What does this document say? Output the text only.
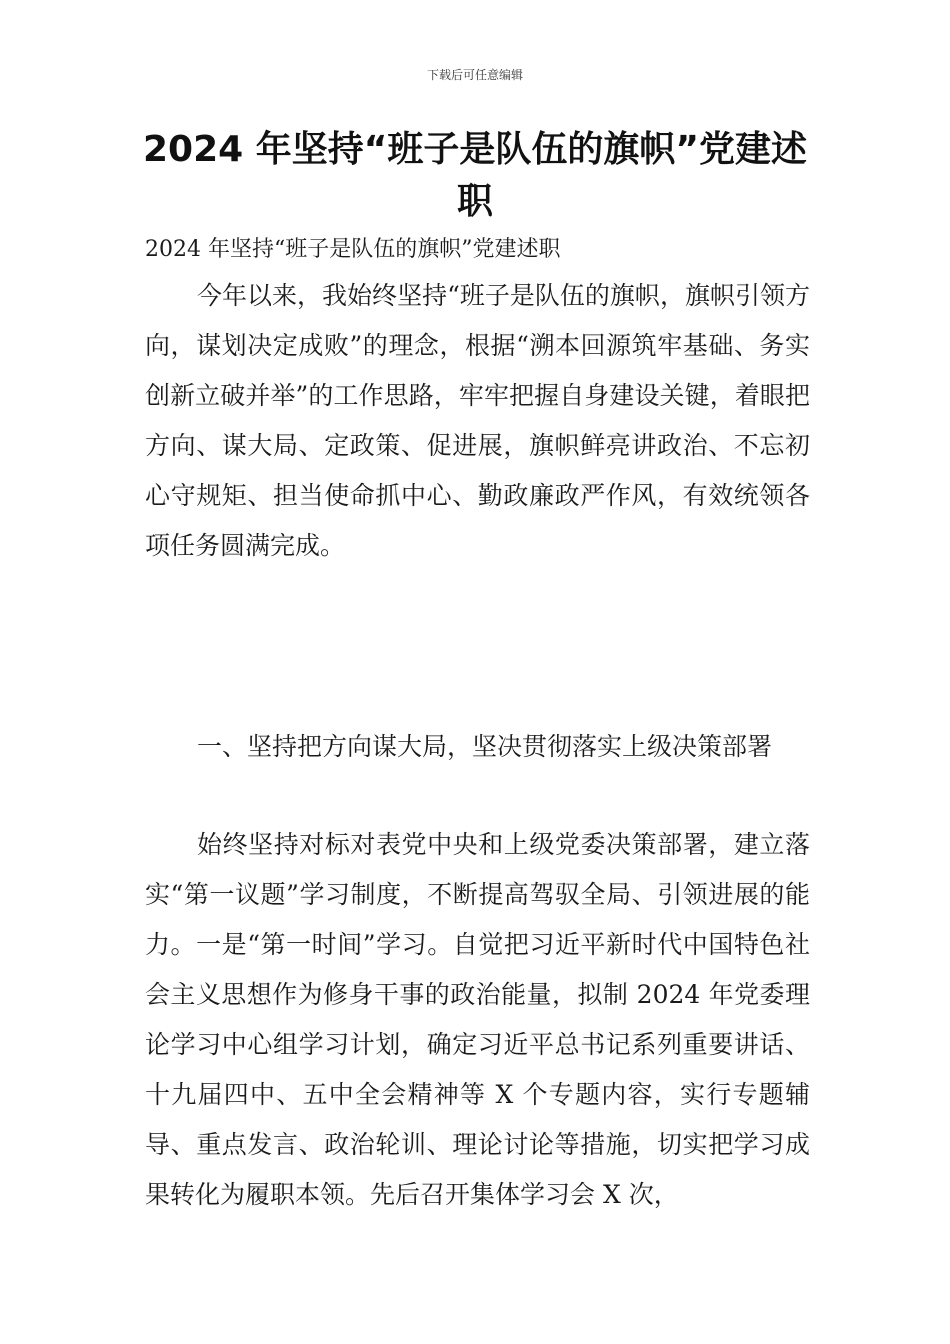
下载后可任意编辑
2024 年坚持“班子是队伍的旗帜”党建述职

2024 年坚持“班子是队伍的旗帜”党建述职

今年以来，我始终坚持“班子是队伍的旗帜，旗帜引领方向，谋划决定成败”的理念，根据“溯本回源筑牢基础、务实创新立破并举”的工作思路，牢牢把握自身建设关键，着眼把方向、谋大局、定政策、促进展，旗帜鲜亮讲政治、不忘初心守规矩、担当使命抓中心、勤政廉政严作风，有效统领各项任务圆满完成。

一、坚持把方向谋大局，坚决贯彻落实上级决策部署

始终坚持对标对表党中央和上级党委决策部署，建立落实“第一议题”学习制度，不断提高驾驭全局、引领进展的能力。一是“第一时间”学习。自觉把习近平新时代中国特色社会主义思想作为修身干事的政治能量，拟制 2024 年党委理论学习中心组学习计划，确定习近平总书记系列重要讲话、十九届四中、五中全会精神等 X 个专题内容，实行专题辅导、重点发言、政治轮训、理论讨论等措施，切实把学习成果转化为履职本领。先后召开集体学习会 X 次，
